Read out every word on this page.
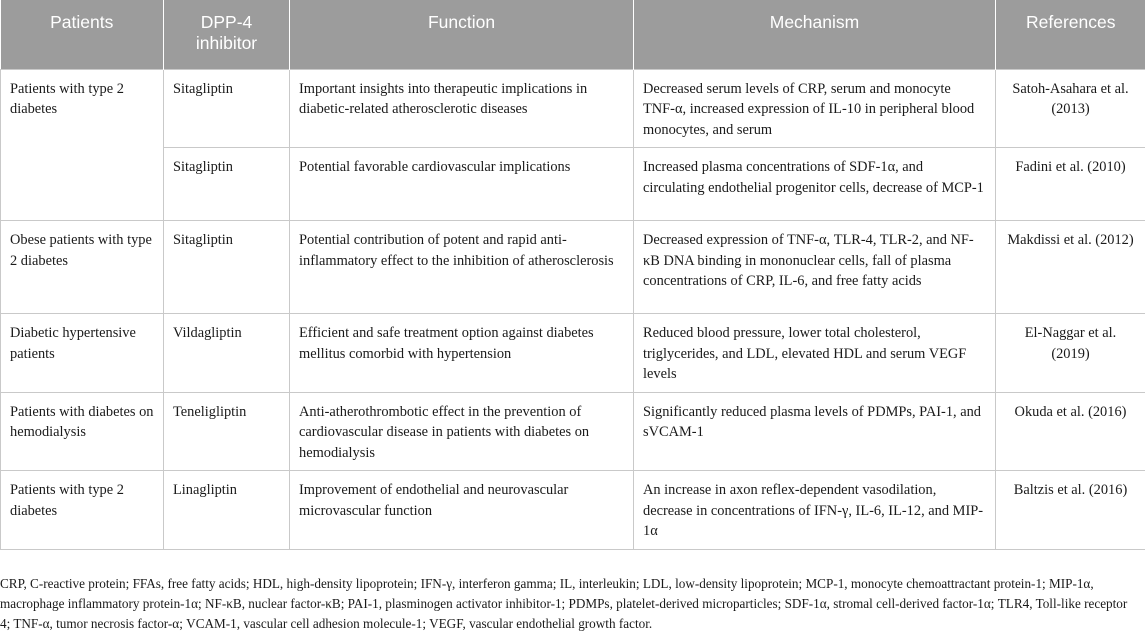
Patients	DPP-4 inhibitor	Function	Mechanism	References
Patients with type 2 diabetes	Sitagliptin	Important insights into therapeutic implications in diabetic-related atherosclerotic diseases	Decreased serum levels of CRP, serum and monocyte TNF-α, increased expression of IL-10 in peripheral blood monocytes, and serum	Satoh-Asahara et al. (2013)
	Sitagliptin	Potential favorable cardiovascular implications	Increased plasma concentrations of SDF-1α, and circulating endothelial progenitor cells, decrease of MCP-1	Fadini et al. (2010)
Obese patients with type 2 diabetes	Sitagliptin	Potential contribution of potent and rapid anti-inflammatory effect to the inhibition of atherosclerosis	Decreased expression of TNF-α, TLR-4, TLR-2, and NF-κB DNA binding in mononuclear cells, fall of plasma concentrations of CRP, IL-6, and free fatty acids	Makdissi et al. (2012)
Diabetic hypertensive patients	Vildagliptin	Efficient and safe treatment option against diabetes mellitus comorbid with hypertension	Reduced blood pressure, lower total cholesterol, triglycerides, and LDL, elevated HDL and serum VEGF levels	El-Naggar et al. (2019)
Patients with diabetes on hemodialysis	Teneligliptin	Anti-atherothrombotic effect in the prevention of cardiovascular disease in patients with diabetes on hemodialysis	Significantly reduced plasma levels of PDMPs, PAI-1, and sVCAM-1	Okuda et al. (2016)
Patients with type 2 diabetes	Linagliptin	Improvement of endothelial and neurovascular microvascular function	An increase in axon reflex-dependent vasodilation, decrease in concentrations of IFN-γ, IL-6, IL-12, and MIP-1α	Baltzis et al. (2016)
CRP, C-reactive protein; FFAs, free fatty acids; HDL, high-density lipoprotein; IFN-γ, interferon gamma; IL, interleukin; LDL, low-density lipoprotein; MCP-1, monocyte chemoattractant protein-1; MIP-1α, macrophage inflammatory protein-1α; NF-κB, nuclear factor-κB; PAI-1, plasminogen activator inhibitor-1; PDMPs, platelet-derived microparticles; SDF-1α, stromal cell-derived factor-1α; TLR4, Toll-like receptor 4; TNF-α, tumor necrosis factor-α; VCAM-1, vascular cell adhesion molecule-1; VEGF, vascular endothelial growth factor.
